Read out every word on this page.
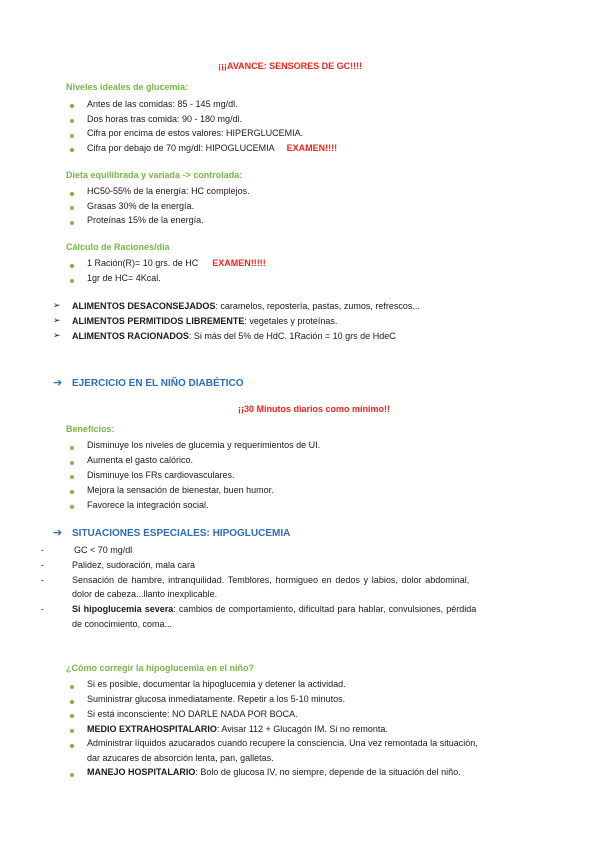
¡¡¡AVANCE: SENSORES DE GC!!!!
Niveles ideales de glucemia:
Antes de las comidas: 85 - 145 mg/dl.
Dos horas tras comida: 90 - 180 mg/dl.
Cifra por encima de estos valores: HIPERGLUCEMIA.
Cifra por debajo de 70 mg/dl: HIPOGLUCEMIA EXAMEN!!!!
Dieta equilibrada y variada -> controlada:
HC50-55% de la energía: HC complejos.
Grasas 30% de la energía.
Proteínas 15% de la energía.
Cálculo de Raciones/día
1 Ración(R)= 10 grs. de HC EXAMEN!!!!!
1gr de HC= 4Kcal.
➢ ALIMENTOS DESACONSEJADOS: caramelos, repostería, pastas, zumos, refrescos...
➢ ALIMENTOS PERMITIDOS LIBREMENTE: vegetales y proteínas.
➢ ALIMENTOS RACIONADOS: Si más del 5% de HdC. 1Ración = 10 grs de HdeC
➔ EJERCICIO EN EL NIÑO DIABÉTICO
¡¡30 Minutos diarios como mínimo!!
Beneficios:
Disminuye los niveles de glucemia y requerimientos de UI.
Aumenta el gasto calórico.
Disminuye los FRs cardiovasculares.
Mejora la sensación de bienestar, buen humor.
Favorece la integración social.
➔ SITUACIONES ESPECIALES: HIPOGLUCEMIA
-	GC < 70 mg/dl
-	Palidez, sudoración, mala cara
-	Sensación de hambre, intranquilidad. Temblores, hormigueo en dedos y labios, dolor abdominal,
dolor de cabeza...llanto inexplicable.
-	Si hipoglucemia severa: cambios de comportamiento, dificultad para hablar, convulsiones, pérdida
de conocimiento, coma...
¿Cómo corregir la hipoglucemia en el niño?
Si es posible, documentar la hipoglucemia y detener la actividad.
Suministrar glucosa inmediatamente. Repetir a los 5-10 minutos.
Si está inconsciente: NO DARLE NADA POR BOCA.
MEDIO EXTRAHOSPITALARIO: Avisar 112 + Glucagón IM. Si no remonta.
Administrar líquidos azucarados cuando recupere la consciencia. Una vez remontada la situación,
dar azucares de absorción lenta, pan, galletas.
MANEJO HOSPITALARIO: Bolo de glucosa IV, no siempre, depende de la situación del niño.
